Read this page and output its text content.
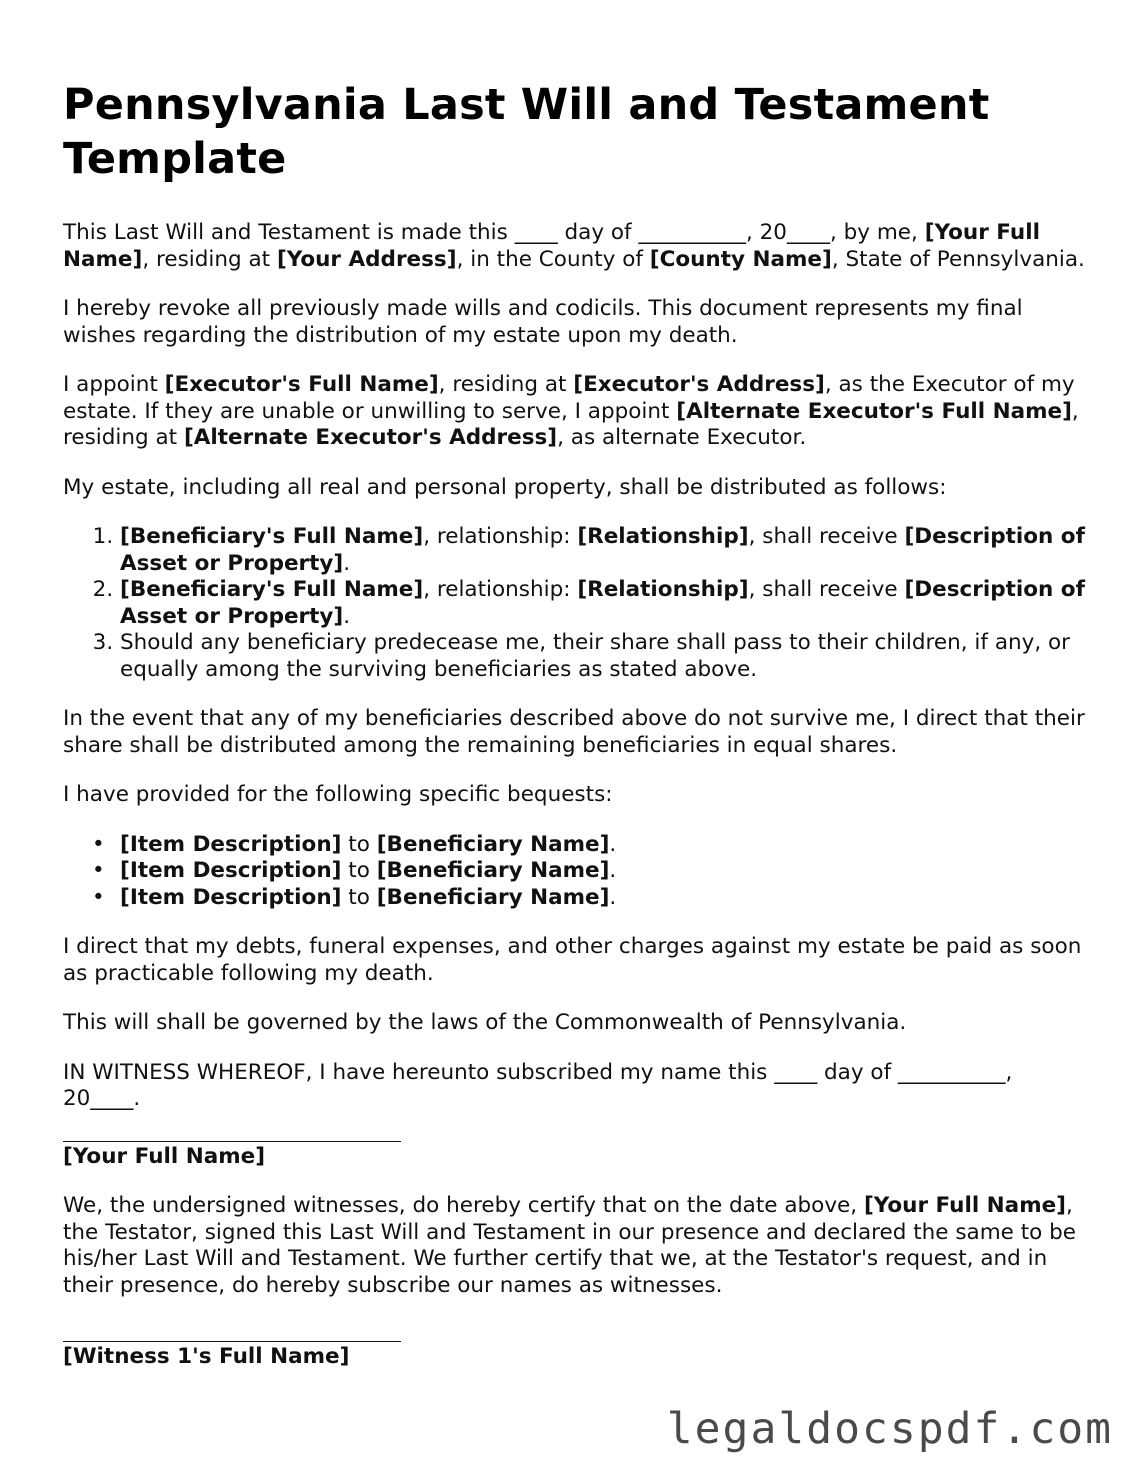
Pennsylvania Last Will and Testament Template

This Last Will and Testament is made this ____ day of __________, 20____, by me, [Your Full Name], residing at [Your Address], in the County of [County Name], State of Pennsylvania.

I hereby revoke all previously made wills and codicils. This document represents my final wishes regarding the distribution of my estate upon my death.

I appoint [Executor's Full Name], residing at [Executor's Address], as the Executor of my estate. If they are unable or unwilling to serve, I appoint [Alternate Executor's Full Name], residing at [Alternate Executor's Address], as alternate Executor.

My estate, including all real and personal property, shall be distributed as follows:

1. [Beneficiary's Full Name], relationship: [Relationship], shall receive [Description of Asset or Property].
2. [Beneficiary's Full Name], relationship: [Relationship], shall receive [Description of Asset or Property].
3. Should any beneficiary predecease me, their share shall pass to their children, if any, or equally among the surviving beneficiaries as stated above.

In the event that any of my beneficiaries described above do not survive me, I direct that their share shall be distributed among the remaining beneficiaries in equal shares.

I have provided for the following specific bequests:

• [Item Description] to [Beneficiary Name].
• [Item Description] to [Beneficiary Name].
• [Item Description] to [Beneficiary Name].

I direct that my debts, funeral expenses, and other charges against my estate be paid as soon as practicable following my death.

This will shall be governed by the laws of the Commonwealth of Pennsylvania.

IN WITNESS WHEREOF, I have hereunto subscribed my name this ____ day of __________, 20____.

[Your Full Name]

We, the undersigned witnesses, do hereby certify that on the date above, [Your Full Name], the Testator, signed this Last Will and Testament in our presence and declared the same to be his/her Last Will and Testament. We further certify that we, at the Testator's request, and in their presence, do hereby subscribe our names as witnesses.

[Witness 1's Full Name]
legaldocspdf.com
